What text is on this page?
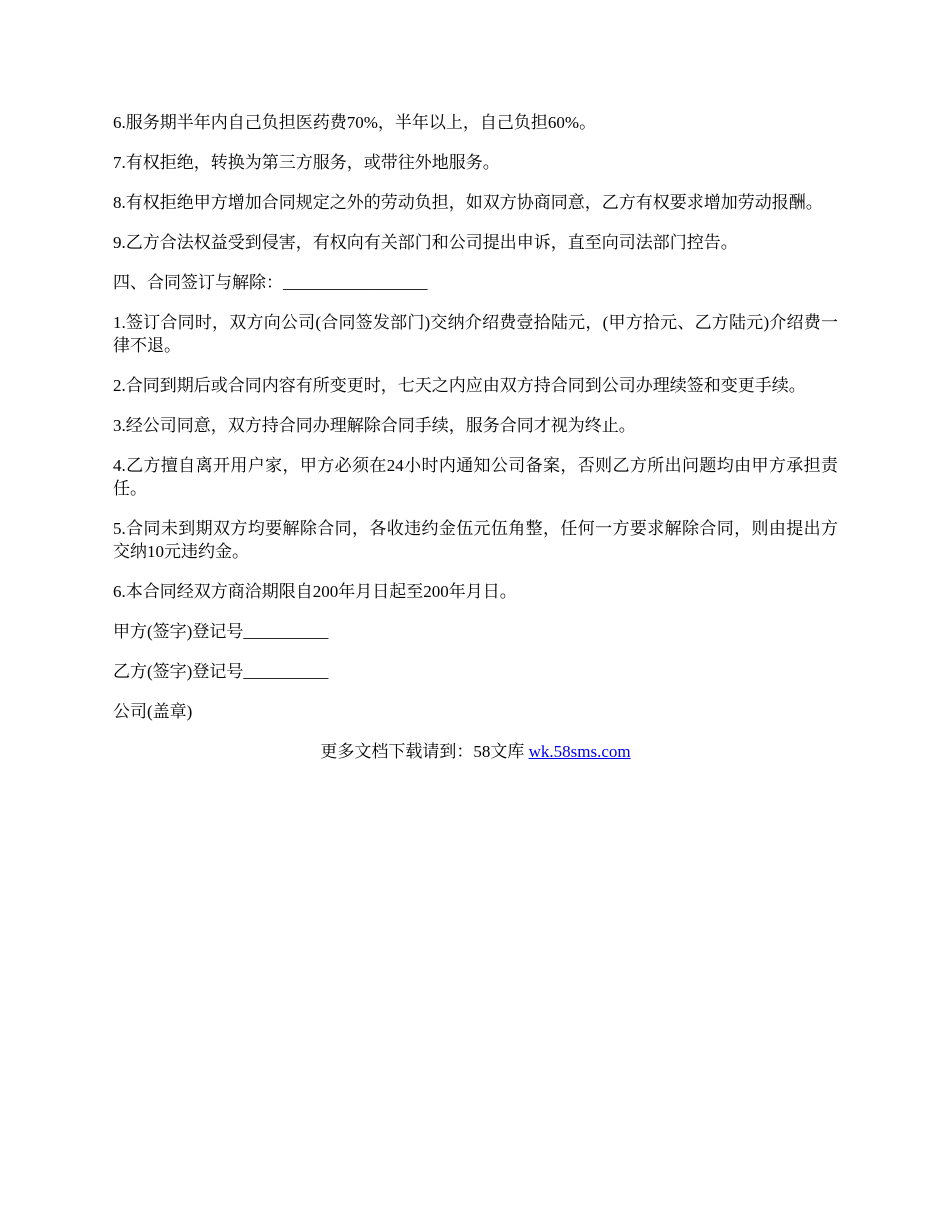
6.服务期半年内自己负担医药费70%，半年以上，自己负担60%。

7.有权拒绝，转换为第三方服务，或带往外地服务。

8.有权拒绝甲方增加合同规定之外的劳动负担，如双方协商同意，乙方有权要求增加劳动报酬。

9.乙方合法权益受到侵害，有权向有关部门和公司提出申诉，直至向司法部门控告。

四、合同签订与解除：_________________

1.签订合同时，双方向公司(合同签发部门)交纳介绍费壹拾陆元，(甲方拾元、乙方陆元)介绍费一律不退。

2.合同到期后或合同内容有所变更时，七天之内应由双方持合同到公司办理续签和变更手续。

3.经公司同意，双方持合同办理解除合同手续，服务合同才视为终止。

4.乙方擅自离开用户家，甲方必须在24小时内通知公司备案，否则乙方所出问题均由甲方承担责任。

5.合同未到期双方均要解除合同，各收违约金伍元伍角整，任何一方要求解除合同，则由提出方交纳10元违约金。

6.本合同经双方商洽期限自200年月日起至200年月日。

甲方(签字)登记号__________

乙方(签字)登记号__________

公司(盖章)

更多文档下载请到：58文库 wk.58sms.com
